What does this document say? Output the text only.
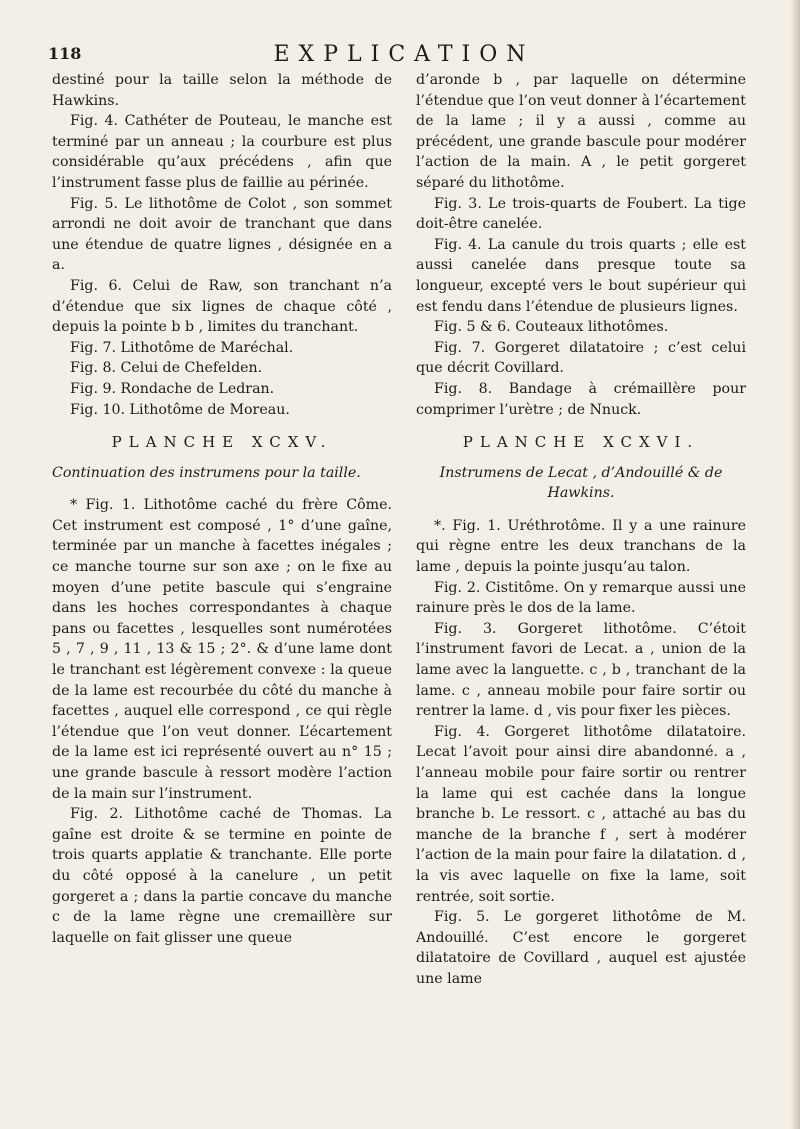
118	EXPLICATION

destiné pour la taille selon la méthode de Hawkins.

Fig. 4. Cathéter de Pouteau, le manche est terminé par un anneau ; la courbure est plus considérable qu’aux précédens , afin que l’instrument fasse plus de faillie au périnée.

Fig. 5. Le lithotôme de Colot , son sommet arrondi ne doit avoir de tranchant que dans une étendue de quatre lignes , désignée en a a.

Fig. 6. Celui de Raw, son tranchant n’a d’étendue que six lignes de chaque côté , depuis la pointe b b , limites du tranchant.

Fig. 7. Lithotôme de Maréchal.

Fig. 8. Celui de Chefelden.

Fig. 9. Rondache de Ledran.

Fig. 10. Lithotôme de Moreau.

PLANCHE XCXV.

Continuation des instrumens pour la taille.

* Fig. 1. Lithotôme caché du frère Côme. Cet instrument est composé , 1° d’une gaîne, terminée par un manche à facettes inégales ; ce manche tourne sur son axe ; on le fixe au moyen d’une petite bascule qui s’engraine dans les hoches correspondantes à chaque pans ou facettes , lesquelles sont numérotées 5 , 7 , 9 , 11 , 13 & 15 ; 2°. & d’une lame dont le tranchant est légèrement convexe : la queue de la lame est recourbée du côté du manche à facettes , auquel elle correspond , ce qui règle l’étendue que l’on veut donner. L’écartement de la lame est ici représenté ouvert au n° 15 ; une grande bascule à ressort modère l’action de la main sur l’instrument.

Fig. 2. Lithotôme caché de Thomas. La gaîne est droite & se termine en pointe de trois quarts applatie & tranchante. Elle porte du côté opposé à la canelure , un petit gorgeret a ; dans la partie concave du manche c de la lame règne une cremaillère sur laquelle on fait glisser une queue

d’aronde b , par laquelle on détermine l’étendue que l’on veut donner à l’écartement de la lame ; il y a aussi , comme au précédent, une grande bascule pour modérer l’action de la main. A , le petit gorgeret séparé du lithotôme.

Fig. 3. Le trois-quarts de Foubert. La tige doit-être canelée.

Fig. 4. La canule du trois quarts ; elle est aussi canelée dans presque toute sa longueur, excepté vers le bout supérieur qui est fendu dans l’étendue de plusieurs lignes.

Fig. 5 & 6. Couteaux lithotômes.

Fig. 7. Gorgeret dilatatoire ; c’est celui que décrit Covillard.

Fig. 8. Bandage à crémaillère pour comprimer l’urètre ; de Nnuck.

PLANCHE XCXVI.

Instrumens de Lecat , d’Andouillé & de Hawkins.

*. Fig. 1. Uréthrotôme. Il y a une rainure qui règne entre les deux tranchans de la lame , depuis la pointe jusqu’au talon.

Fig. 2. Cistitôme. On y remarque aussi une rainure près le dos de la lame.

Fig. 3. Gorgeret lithotôme. C’étoit l’instrument favori de Lecat. a , union de la lame avec la languette. c , b , tranchant de la lame. c , anneau mobile pour faire sortir ou rentrer la lame. d , vis pour fixer les pièces.

Fig. 4. Gorgeret lithotôme dilatatoire. Lecat l’avoit pour ainsi dire abandonné. a , l’anneau mobile pour faire sortir ou rentrer la lame qui est cachée dans la longue branche b. Le ressort. c , attaché au bas du manche de la branche f , sert à modérer l’action de la main pour faire la dilatation. d , la vis avec laquelle on fixe la lame, soit rentrée, soit sortie.

Fig. 5. Le gorgeret lithotôme de M. Andouillé. C’est encore le gorgeret dilatatoire de Covillard , auquel est ajustée une lame
